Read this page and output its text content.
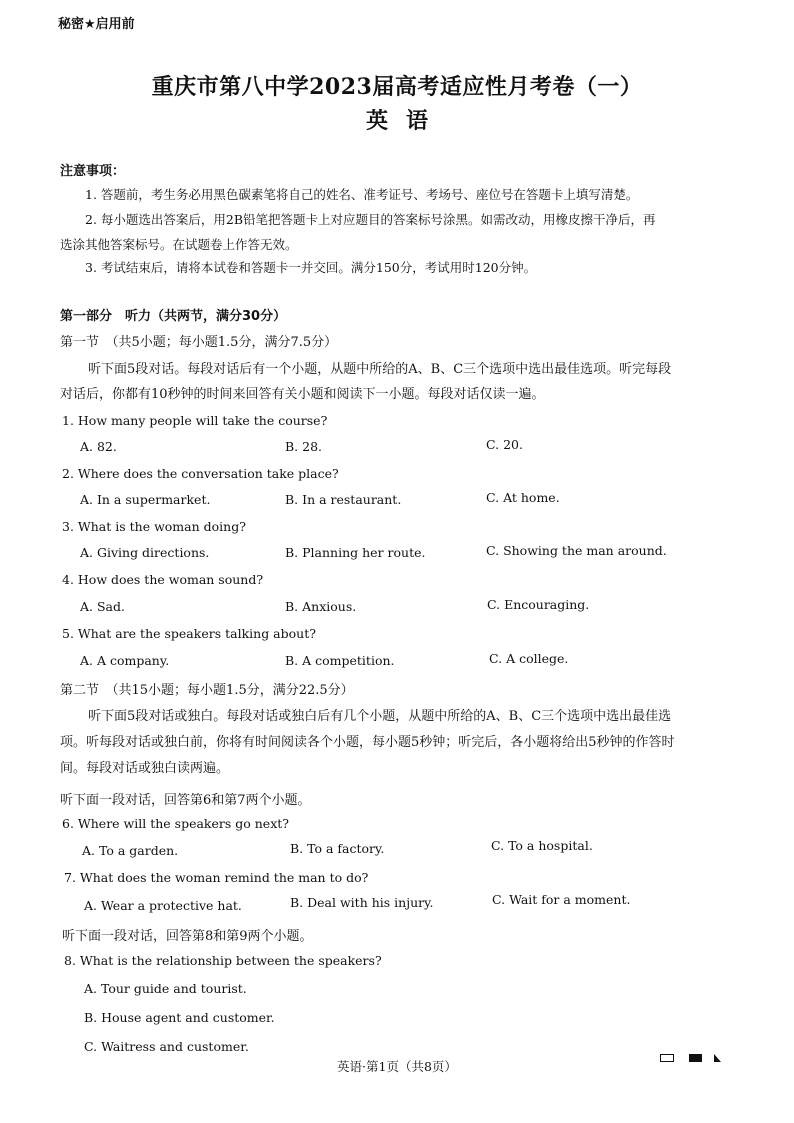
秘密★启用前
重庆市第八中学2023届高考适应性月考卷（一）
英语
注意事项：
1. 答题前，考生务必用黑色碳素笔将自己的姓名、准考证号、考场号、座位号在答题卡上填写清楚。
2. 每小题选出答案后，用2B铅笔把答题卡上对应题目的答案标号涂黑。如需改动，用橡皮擦干净后，再
选涂其他答案标号。在试题卷上作答无效。
3. 考试结束后，请将本试卷和答题卡一并交回。满分150分，考试用时120分钟。
第一部分　听力（共两节，满分30分）
第一节　（共5小题；每小题1.5分，满分7.5分）
听下面5段对话。每段对话后有一个小题，从题中所给的A、B、C三个选项中选出最佳选项。听完每段
对话后，你都有10秒钟的时间来回答有关小题和阅读下一小题。每段对话仅读一遍。
1. How many people will take the course?
A. 82.	B. 28.	C. 20.
2. Where does the conversation take place?
A. In a supermarket.	B. In a restaurant.	C. At home.
3. What is the woman doing?
A. Giving directions.	B. Planning her route.	C. Showing the man around.
4. How does the woman sound?
A. Sad.	B. Anxious.	C. Encouraging.
5. What are the speakers talking about?
A. A company.	B. A competition.	C. A college.
第二节　（共15小题；每小题1.5分，满分22.5分）
听下面5段对话或独白。每段对话或独白后有几个小题，从题中所给的A、B、C三个选项中选出最佳选
项。听每段对话或独白前，你将有时间阅读各个小题，每小题5秒钟；听完后，各小题将给出5秒钟的作答时
间。每段对话或独白读两遍。
听下面一段对话，回答第6和第7两个小题。
6. Where will the speakers go next?
A. To a garden.	B. To a factory.	C. To a hospital.
7. What does the woman remind the man to do?
A. Wear a protective hat.	B. Deal with his injury.	C. Wait for a moment.
听下面一段对话，回答第8和第9两个小题。
8. What is the relationship between the speakers?
A. Tour guide and tourist.
B. House agent and customer.
C. Waitress and customer.
英语·第1页（共8页）
